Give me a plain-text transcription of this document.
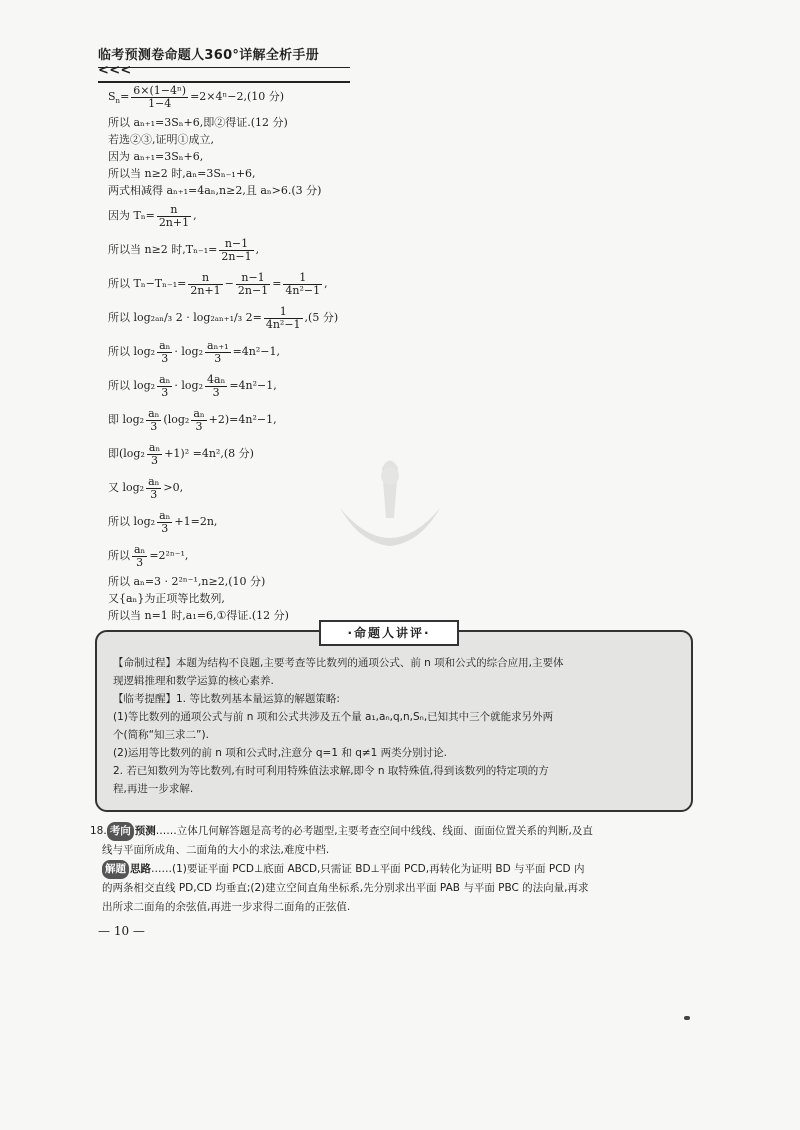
临考预测卷命题人360°详解全析手册 <<<
$S_n= \frac{\text{6×(1−4ⁿ)}}{1-4} =2\times 4^n-2,(10$ 分)
所以 aₙ₊₁=3Sₙ+6,即②得证.(12 分)
若选②③,证明①成立,
因为 aₙ₊₁=3Sₙ+6,
所以当 n≥2 时,aₙ=3Sₙ₋₁+6,
两式相减得 aₙ₊₁=4aₙ,n≥2,且 aₙ>6.(3 分)
因为 $T_n= \frac{n}{2n+1}$ ,
所以当 n≥2 时$,T_{n-1}= \frac{n-1}{2n-1}$ ,
所以 $T_n-T_{n-1}= \frac{n}{2n+1} - \frac{n-1}{2n-1} = \frac{1}{\text{4n²−1}}$ ,
所以 log₂ₐₙ/₃ 2 · log₂ₐₙ₊₁/₃ $2= \frac{1}{\text{4n²−1}} ,(5$ 分)
所以 $\log_2 \frac{\text{aₙ}}{3} \cdot \log_2 \frac{\text{aₙ₊₁}}{3} =4n^2-1$,
所以 $\log_2 \frac{\text{aₙ}}{3} \cdot \log_2 \frac{\text{4aₙ}}{3} =4n^2-1$,
即 $\log_2 \frac{\text{aₙ}}{3} (\log_2 \frac{\text{aₙ}}{3} +2)=4n^2-1$,
即$(\log_2 \frac{\text{aₙ}}{3} +1)^2 =4n^2,(8$ 分)
又 $\log_2 \frac{\text{aₙ}}{3} >0$,
所以 $\log_2 \frac{\text{aₙ}}{3} +1=2n$,
所以 $\frac{\text{aₙ}}{3} =2^{2n-1}$,
所以 aₙ=3 · 2²ⁿ⁻¹,n≥2,(10 分)
又{aₙ}为正项等比数列,
所以当 n=1 时,a₁=6,①得证.(12 分)
·命题人讲评·
【命制过程】本题为结构不良题,主要考查等比数列的通项公式、前 n 项和公式的综合应用,主要体
现逻辑推理和数学运算的核心素养.
【临考提醒】1. 等比数列基本量运算的解题策略:
(1)等比数列的通项公式与前 n 项和公式共涉及五个量 a₁,aₙ,q,n,Sₙ,已知其中三个就能求另外两
个(简称“知三求二”).
(2)运用等比数列的前 n 项和公式时,注意分 q=1 和 q≠1 两类分别讨论.
2. 若已知数列为等比数列,有时可利用特殊值法求解,即令 n 取特殊值,得到该数列的特定项的方
程,再进一步求解.
18. 考向 预测……立体几何解答题是高考的必考题型,主要考查空间中线线、线面、面面位置关系的判断,及直
线与平面所成角、二面角的大小的求法,难度中档.
解题 思路……(1)要证平面 PCD⊥底面 ABCD,只需证 BD⊥平面 PCD,再转化为证明 BD 与平面 PCD 内
的两条相交直线 PD,CD 均垂直;(2)建立空间直角坐标系,先分别求出平面 PAB 与平面 PBC 的法向量,再求
出所求二面角的余弦值,再进一步求得二面角的正弦值.
— 10 —
